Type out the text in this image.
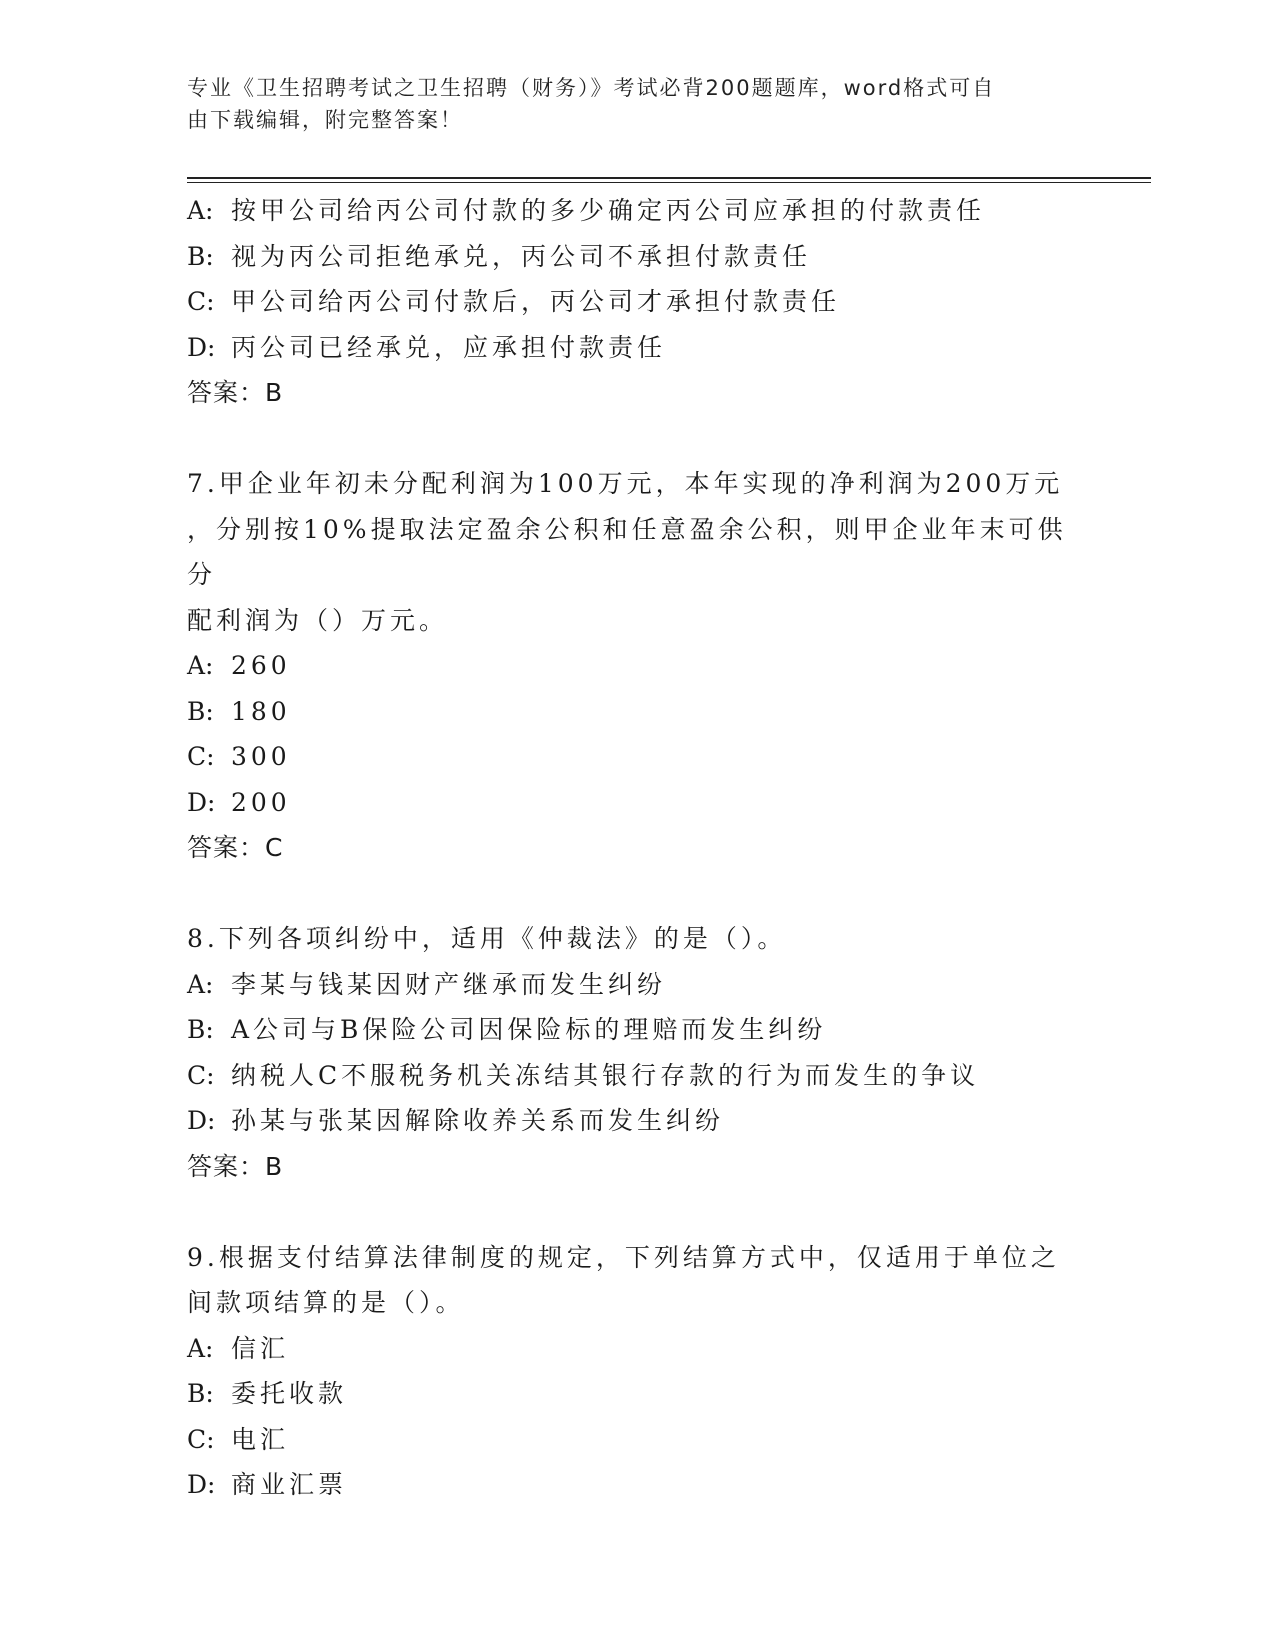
专业《卫生招聘考试之卫生招聘（财务）》考试必背200题题库，word格式可自
由下载编辑，附完整答案！
A: 按甲公司给丙公司付款的多少确定丙公司应承担的付款责任
B: 视为丙公司拒绝承兑，丙公司不承担付款责任
C: 甲公司给丙公司付款后，丙公司才承担付款责任
D: 丙公司已经承兑，应承担付款责任
答案：B
7.甲企业年初未分配利润为100万元，本年实现的净利润为200万元
，分别按10%提取法定盈余公积和任意盈余公积，则甲企业年末可供分
配利润为（）万元。
A: 260
B: 180
C: 300
D: 200
答案：C
8.下列各项纠纷中，适用《仲裁法》的是（）。
A: 李某与钱某因财产继承而发生纠纷
B: A公司与B保险公司因保险标的理赔而发生纠纷
C: 纳税人C不服税务机关冻结其银行存款的行为而发生的争议
D: 孙某与张某因解除收养关系而发生纠纷
答案：B
9.根据支付结算法律制度的规定，下列结算方式中，仅适用于单位之
间款项结算的是（）。
A: 信汇
B: 委托收款
C: 电汇
D: 商业汇票
